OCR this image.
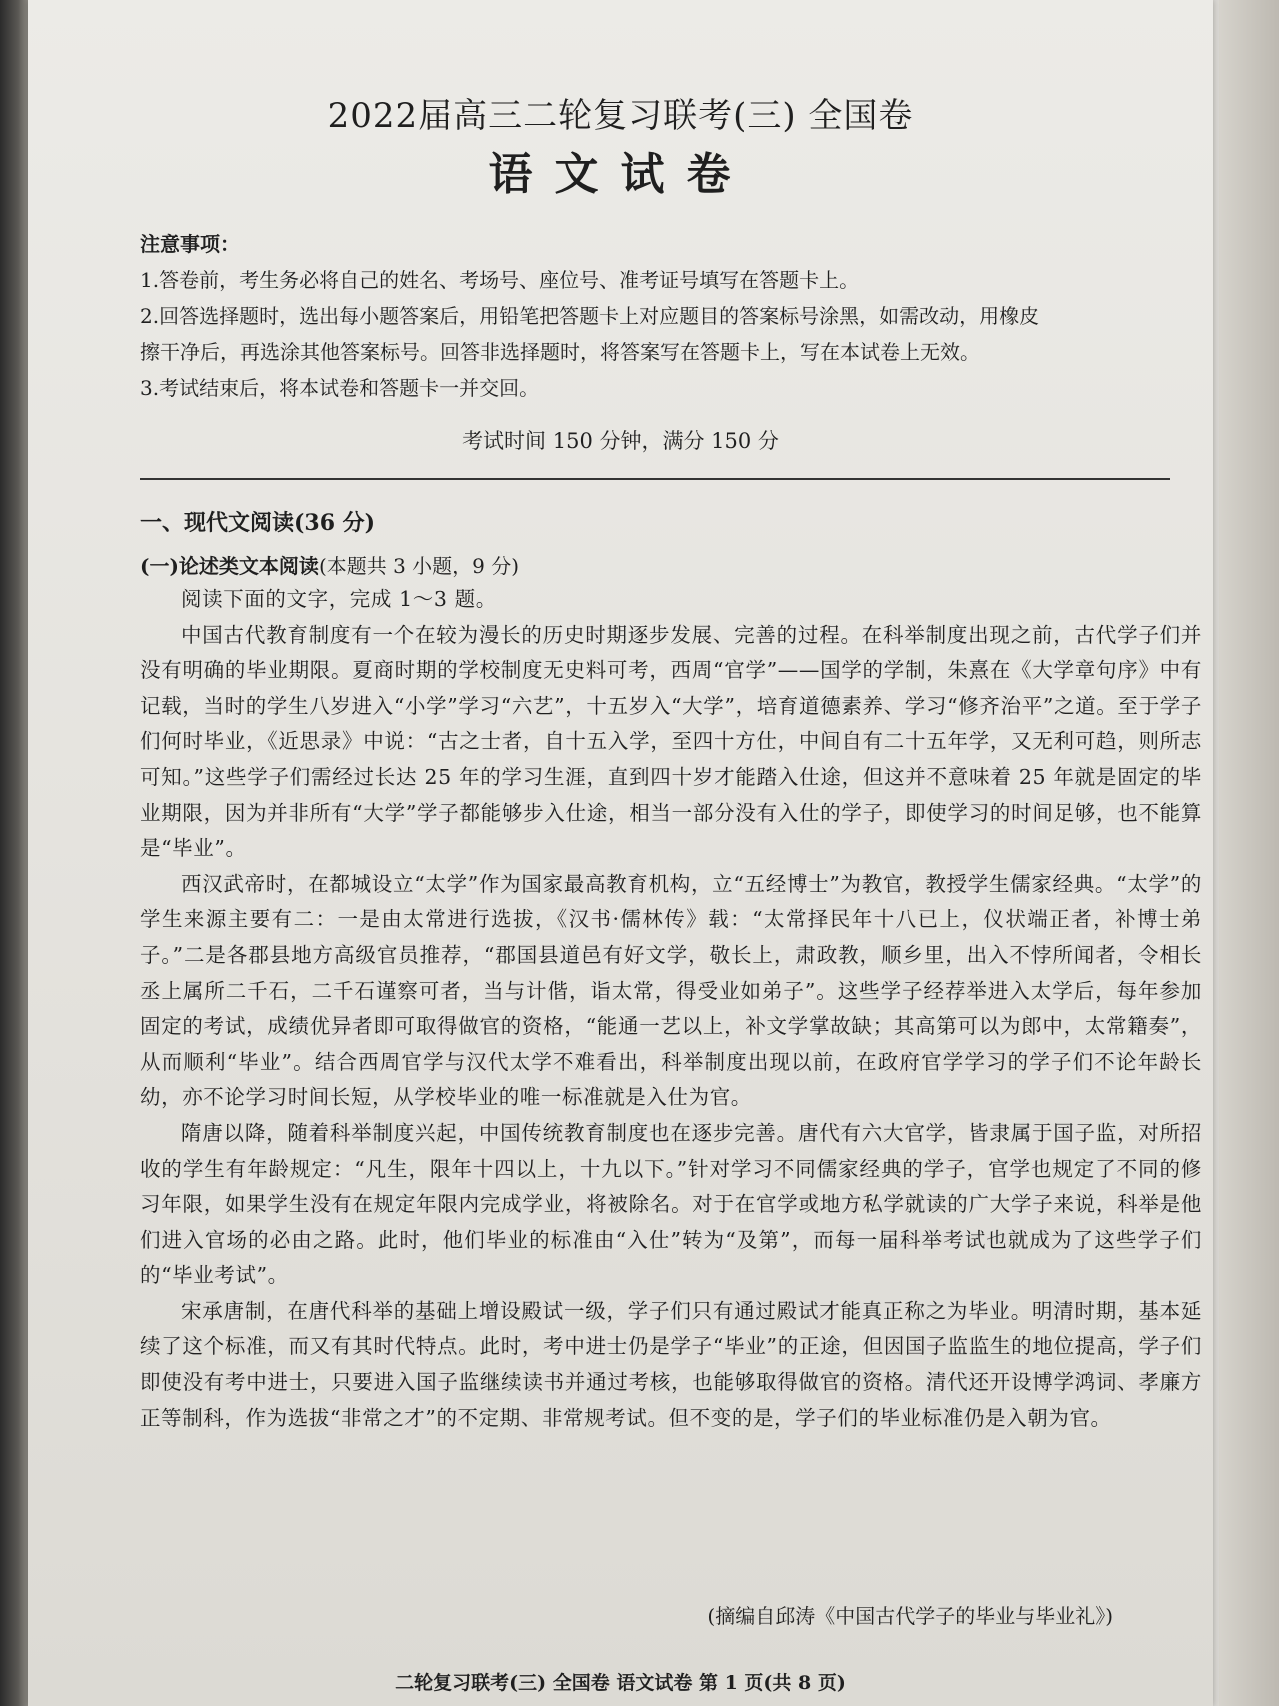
2022届高三二轮复习联考(三) 全国卷
语文试卷
注意事项：
1.答卷前，考生务必将自己的姓名、考场号、座位号、准考证号填写在答题卡上。
2.回答选择题时，选出每小题答案后，用铅笔把答题卡上对应题目的答案标号涂黑，如需改动，用橡皮
擦干净后，再选涂其他答案标号。回答非选择题时，将答案写在答题卡上，写在本试卷上无效。
3.考试结束后，将本试卷和答题卡一并交回。
考试时间 150 分钟，满分 150 分
一、现代文阅读(36 分)
(一)论述类文本阅读(本题共 3 小题，9 分)

阅读下面的文字，完成 1～3 题。

中国古代教育制度有一个在较为漫长的历史时期逐步发展、完善的过程。在科举制度出现之前，古代学子们并没有明确的毕业期限。夏商时期的学校制度无史料可考，西周“官学”——国学的学制，朱熹在《大学章句序》中有记载，当时的学生八岁进入“小学”学习“六艺”，十五岁入“大学”，培育道德素养、学习“修齐治平”之道。至于学子们何时毕业，《近思录》中说：“古之士者，自十五入学，至四十方仕，中间自有二十五年学，又无利可趋，则所志可知。”这些学子们需经过长达 25 年的学习生涯，直到四十岁才能踏入仕途，但这并不意味着 25 年就是固定的毕业期限，因为并非所有“大学”学子都能够步入仕途，相当一部分没有入仕的学子，即使学习的时间足够，也不能算是“毕业”。

西汉武帝时，在都城设立“太学”作为国家最高教育机构，立“五经博士”为教官，教授学生儒家经典。“太学”的学生来源主要有二：一是由太常进行选拔，《汉书·儒林传》载：“太常择民年十八已上，仪状端正者，补博士弟子。”二是各郡县地方高级官员推荐，“郡国县道邑有好文学，敬长上，肃政教，顺乡里，出入不悖所闻者，令相长丞上属所二千石，二千石谨察可者，当与计偕，诣太常，得受业如弟子”。这些学子经荐举进入太学后，每年参加固定的考试，成绩优异者即可取得做官的资格，“能通一艺以上，补文学掌故缺；其高第可以为郎中，太常籍奏”，从而顺利“毕业”。结合西周官学与汉代太学不难看出，科举制度出现以前，在政府官学学习的学子们不论年龄长幼，亦不论学习时间长短，从学校毕业的唯一标准就是入仕为官。

隋唐以降，随着科举制度兴起，中国传统教育制度也在逐步完善。唐代有六大官学，皆隶属于国子监，对所招收的学生有年龄规定：“凡生，限年十四以上，十九以下。”针对学习不同儒家经典的学子，官学也规定了不同的修习年限，如果学生没有在规定年限内完成学业，将被除名。对于在官学或地方私学就读的广大学子来说，科举是他们进入官场的必由之路。此时，他们毕业的标准由“入仕”转为“及第”，而每一届科举考试也就成为了这些学子们的“毕业考试”。

宋承唐制，在唐代科举的基础上增设殿试一级，学子们只有通过殿试才能真正称之为毕业。明清时期，基本延续了这个标准，而又有其时代特点。此时，考中进士仍是学子“毕业”的正途，但因国子监监生的地位提高，学子们即使没有考中进士，只要进入国子监继续读书并通过考核，也能够取得做官的资格。清代还开设博学鸿词、孝廉方正等制科，作为选拔“非常之才”的不定期、非常规考试。但不变的是，学子们的毕业标准仍是入朝为官。

(摘编自邱涛《中国古代学子的毕业与毕业礼》)
二轮复习联考(三) 全国卷 语文试卷 第 1 页(共 8 页)
